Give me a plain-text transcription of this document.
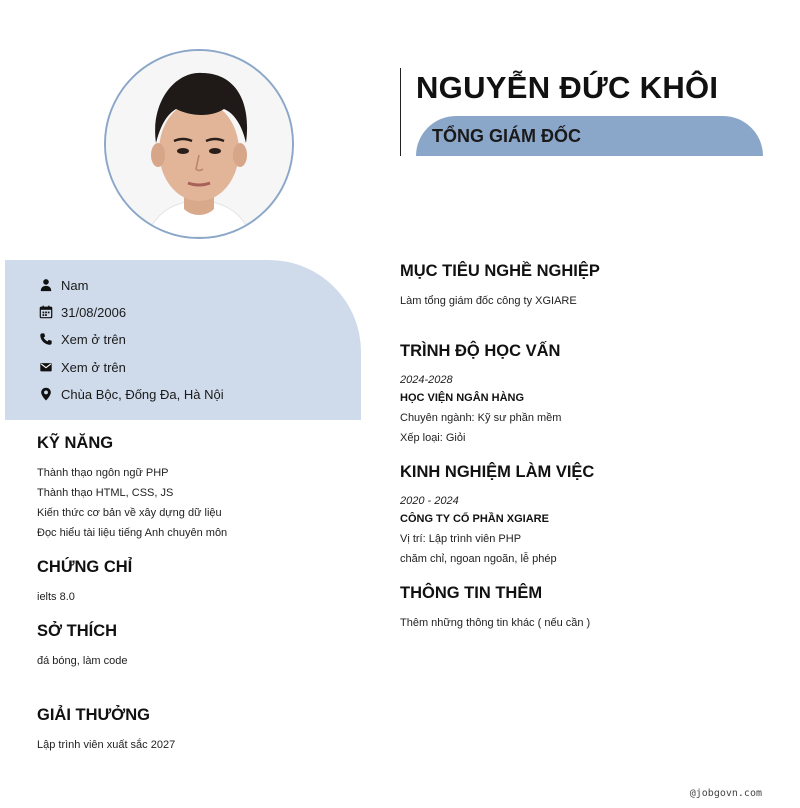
NGUYỄN ĐỨC KHÔI
TỔNG GIÁM ĐỐC
Nam
31/08/2006
Xem ở trên
Xem ở trên
Chùa Bộc, Đống Đa, Hà Nội
KỸ NĂNG
Thành thạo ngôn ngữ PHP
Thành thạo HTML, CSS, JS
Kiến thức cơ bản về xây dựng dữ liệu
Đọc hiểu tài liệu tiếng Anh chuyên môn
CHỨNG CHỈ
ielts 8.0
SỞ THÍCH
đá bóng, làm code
GIẢI THƯỞNG
Lập trình viên xuất sắc 2027
MỤC TIÊU NGHỀ NGHIỆP
Làm tổng giám đốc công ty XGIARE
TRÌNH ĐỘ HỌC VẤN
2024-2028
HỌC VIỆN NGÂN HÀNG
Chuyên ngành: Kỹ sư phần mềm
Xếp loại: Giỏi
KINH NGHIỆM LÀM VIỆC
2020 - 2024
CÔNG TY CỔ PHẦN XGIARE
Vị trí: Lập trình viên PHP
chăm chỉ, ngoan ngoãn, lễ phép
THÔNG TIN THÊM
Thêm những thông tin khác ( nếu cần )
@jobgovn.com
